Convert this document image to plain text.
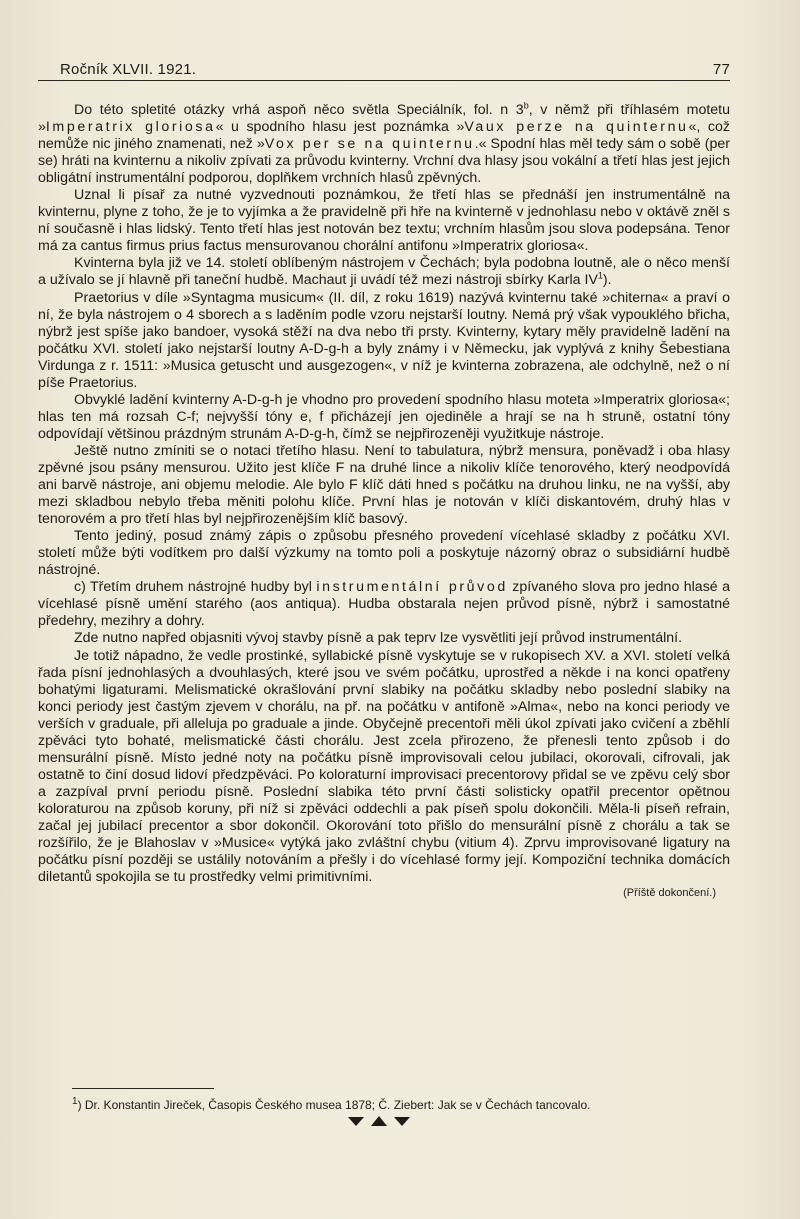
Ročník XLVII. 1921.	77

Do této spletité otázky vrhá aspoň něco světla Speciálník, fol. n 3$^b$, v němž při tříhlasém motetu »Imperatrix gloriosa« u spodního hlasu jest poznámka »Vaux perze na quinternu«, což nemůže nic jiného znamenati, než »Vox per se na quinternu.« Spodní hlas měl tedy sám o sobě (per se) hráti na kvinternu a nikoliv zpívati za průvodu kvinterny. Vrchní dva hlasy jsou vokální a třetí hlas jest jejich obligátní instrumentální podporou, doplňkem vrchních hlasů zpěvných.

Uznal li písař za nutné vyzvednouti poznámkou, že třetí hlas se přednáší jen instrumentálně na kvinternu, plyne z toho, že je to vyjímka a že pravidelně při hře na kvinterně v jednohlasu nebo v oktávě zněl s ní současně i hlas lidský. Tento třetí hlas jest notován bez textu; vrchním hlasům jsou slova podepsána. Tenor má za cantus firmus prius factus mensurovanou chorální antifonu »Imperatrix gloriosa«.

Kvinterna byla již ve 14. století oblíbeným nástrojem v Čechách; byla podobna loutně, ale o něco menší a užívalo se jí hlavně při taneční hudbě. Machaut ji uvádí též mezi nástroji sbírky Karla $IV^1$).

Praetorius v díle »Syntagma musicum« (II. díl, z roku 1619) nazývá kvinternu také »chiterna« a praví o ní, že byla nástrojem o 4 sborech a s laděním podle vzoru nejstarší loutny. Nemá prý však vypouklého břicha, nýbrž jest spíše jako bandoer, vysoká stěží na dva nebo tři prsty. Kvinterny, kytary měly pravidelně ladění na počátku XVI. století jako nejstarší loutny A-D-g-h a byly známy i v Německu, jak vyplývá z knihy Šebestiana Virdunga z r. 1511: »Musica getuscht und ausgezogen«, v níž je kvinterna zobrazena, ale odchylně, než o ní píše Praetorius.

Obvyklé ladění kvinterny A-D-g-h je vhodno pro provedení spodního hlasu moteta »Imperatrix gloriosa«; hlas ten má rozsah C-f; nejvyšší tóny e, f přicházejí jen ojediněle a hrají se na h struně, ostatní tóny odpovídají většinou prázdným strunám A-D-g-h, čímž se nejpřirozeněji využitkuje nástroje.

Ještě nutno zmíniti se o notaci třetího hlasu. Není to tabulatura, nýbrž mensura, poněvadž i oba hlasy zpěvné jsou psány mensurou. Užito jest klíče F na druhé lince a nikoliv klíče tenorového, který neodpovídá ani barvě nástroje, ani objemu melodie. Ale bylo F klíč dáti hned s počátku na druhou linku, ne na vyšší, aby mezi skladbou nebylo třeba měniti polohu klíče. První hlas je notován v klíči diskantovém, druhý hlas v tenorovém a pro třetí hlas byl nejpřirozenějším klíč basový.

Tento jediný, posud známý zápis o způsobu přesného provedení vícehlasé skladby z počátku XVI. století může býti vodítkem pro další výzkumy na tomto poli a poskytuje názorný obraz o subsidiární hudbě nástrojné.

c) Třetím druhem nástrojné hudby byl instrumentální průvod zpívaného slova pro jedno hlasé a vícehlasé písně umění starého (aos antiqua). Hudba obstarala nejen průvod písně, nýbrž i samostatné předehry, mezihry a dohry.

Zde nutno napřed objasniti vývoj stavby písně a pak teprv lze vysvětliti její průvod instrumentální.

Je totiž nápadno, že vedle prostinké, syllabické písně vyskytuje se v rukopisech XV. a XVI. století velká řada písní jednohlasých a dvouhlasých, které jsou ve svém počátku, uprostřed a někde i na konci opatřeny bohatými ligaturami. Melismatické okrašlování první slabiky na počátku skladby nebo poslední slabiky na konci periody jest častým zjevem v chorálu, na př. na počátku v antifoně »Alma«, nebo na konci periody ve verších v graduale, při alleluja po graduale a jinde. Obyčejně precentoři měli úkol zpívati jako cvičení a zběhlí zpěváci tyto bohaté, melismatické části chorálu. Jest zcela přirozeno, že přenesli tento způsob i do mensurální písně. Místo jedné noty na počátku písně improvisovali celou jubilaci, okorovali, cifrovali, jak ostatně to činí dosud lidoví předzpěváci. Po koloraturní improvisaci precentorovy přidal se ve zpěvu celý sbor a zazpíval první periodu písně. Poslední slabika této první části solisticky opatřil precentor opětnou koloraturou na způsob koruny, při níž si zpěváci oddechli a pak píseň spolu dokončili. Měla-li píseň refrain, začal jej jubilací precentor a sbor dokončil. Okorování toto přišlo do mensurální písně z chorálu a tak se rozšířilo, že je Blahoslav v »Musice« vytýká jako zvláštní chybu (vitium 4). Zprvu improvisované ligatury na počátku písní později se ustálily notováním a přešly i do vícehlasé formy její. Kompoziční technika domácích diletantů spokojila se tu prostředky velmi primitivními.

(Příště dokončení.)

$^1$) Dr. Konstantin Jireček, Časopis Českého musea 1878; Č. Ziebert: Jak se v Čechách tancovalo.
